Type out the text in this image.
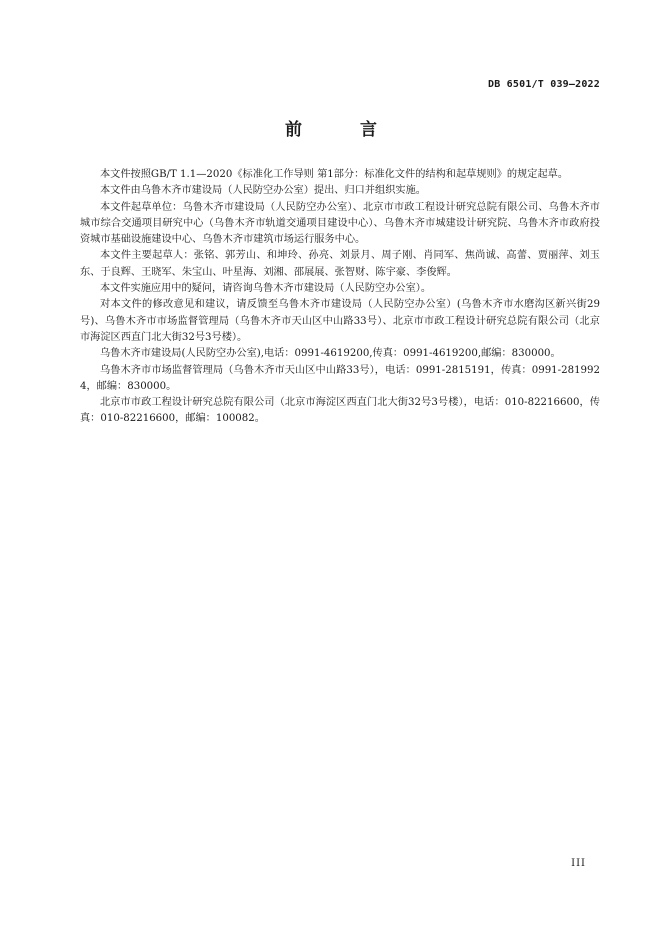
DB 6501/T 039—2022
前 言

本文件按照GB/T 1.1—2020《标准化工作导则 第1部分：标准化文件的结构和起草规则》的规定起草。

本文件由乌鲁木齐市建设局（人民防空办公室）提出、归口并组织实施。

本文件起草单位：乌鲁木齐市建设局（人民防空办公室）、北京市市政工程设计研究总院有限公司、乌鲁木齐市城市综合交通项目研究中心（乌鲁木齐市轨道交通项目建设中心）、乌鲁木齐市城建设计研究院、乌鲁木齐市政府投资城市基础设施建设中心、乌鲁木齐市建筑市场运行服务中心。

本文件主要起草人：张铭、郭芳山、和坤玲、孙亮、刘景月、周子刚、肖同军、焦尚诚、高蕾、贾丽萍、刘玉东、于良辉、王晓军、朱宝山、叶星海、刘湘、邵展展、张智财、陈宇豪、李俊辉。

本文件实施应用中的疑问，请咨询乌鲁木齐市建设局（人民防空办公室）。

对本文件的修改意见和建议，请反馈至乌鲁木齐市建设局（人民防空办公室）(乌鲁木齐市水磨沟区新兴街29号)、乌鲁木齐市市场监督管理局（乌鲁木齐市天山区中山路33号）、北京市市政工程设计研究总院有限公司（北京市海淀区西直门北大街32号3号楼）。

乌鲁木齐市建设局(人民防空办公室),电话：0991-4619200,传真：0991-4619200,邮编：830000。

乌鲁木齐市市场监督管理局（乌鲁木齐市天山区中山路33号），电话：0991-2815191，传真：0991-2819924，邮编：830000。

北京市市政工程设计研究总院有限公司（北京市海淀区西直门北大街32号3号楼），电话：010-82216600，传真：010-82216600，邮编：100082。

III
